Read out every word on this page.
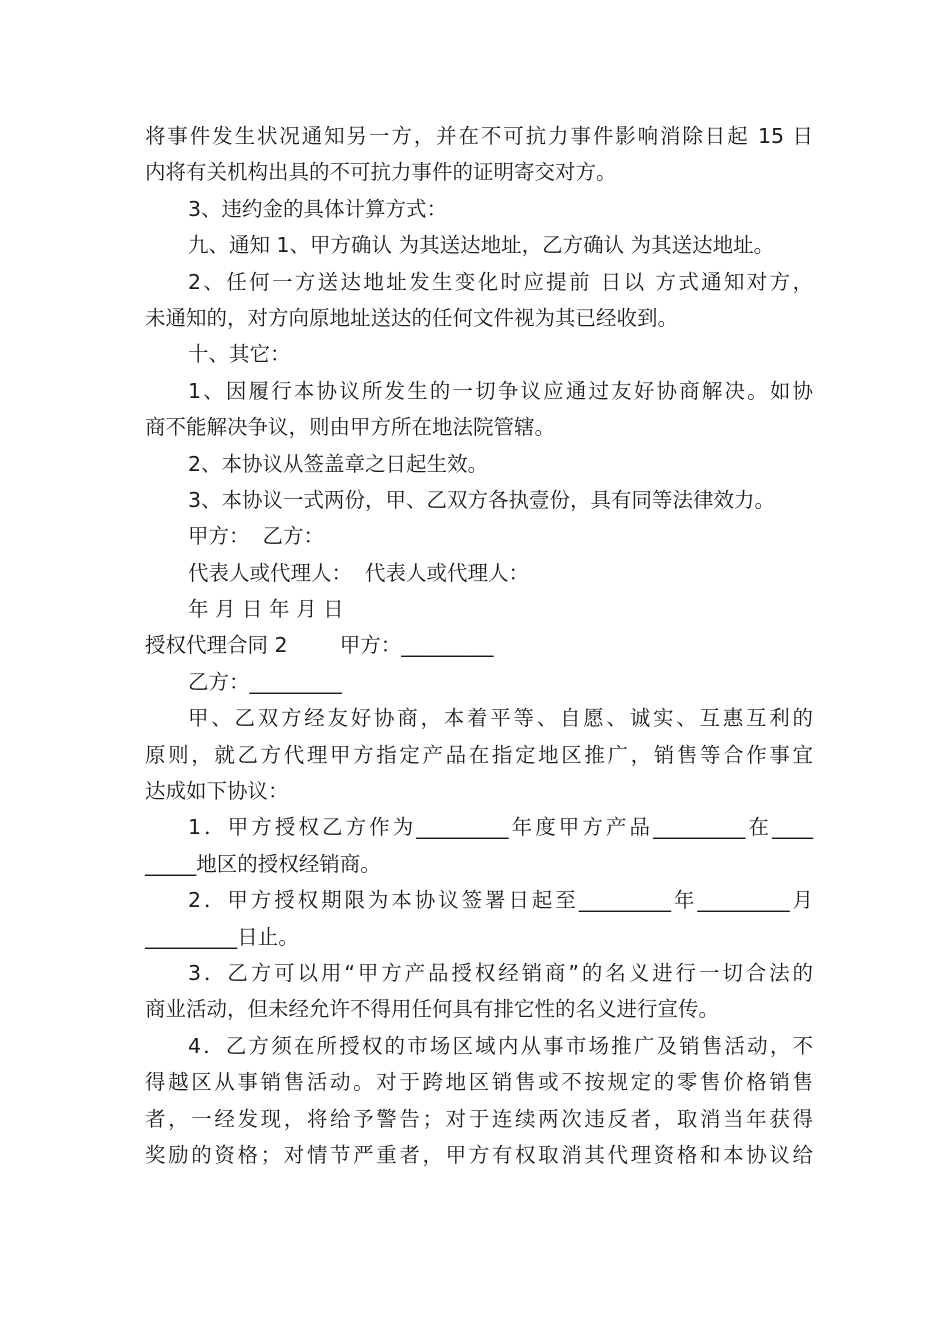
将事件发生状况通知另一方，并在不可抗力事件影响消除日起 15 日
内将有关机构出具的不可抗力事件的证明寄交对方。
3、违约金的具体计算方式：
九、通知 1、甲方确认 为其送达地址，乙方确认 为其送达地址。
2、任何一方送达地址发生变化时应提前 日以 方式通知对方，
未通知的，对方向原地址送达的任何文件视为其已经收到。
十、其它：
1、因履行本协议所发生的一切争议应通过友好协商解决。如协
商不能解决争议，则由甲方所在地法院管辖。
2、本协议从签盖章之日起生效。
3、本协议一式两份，甲、乙双方各执壹份，具有同等法律效力。
甲方：  乙方：
代表人或代理人：  代表人或代理人：
年 月 日 年 月 日
授权代理合同 2        甲方：_________
乙方：_________
甲、乙双方经友好协商，本着平等、自愿、诚实、互惠互利的
原则，就乙方代理甲方指定产品在指定地区推广，销售等合作事宜
达成如下协议：
1．甲方授权乙方作为_________年度甲方产品_________在____
_____地区的授权经销商。
2．甲方授权期限为本协议签署日起至_________年_________月
_________日止。
3．乙方可以用“甲方产品授权经销商”的名义进行一切合法的
商业活动，但未经允许不得用任何具有排它性的名义进行宣传。
4．乙方须在所授权的市场区域内从事市场推广及销售活动，不
得越区从事销售活动。对于跨地区销售或不按规定的零售价格销售
者，一经发现，将给予警告；对于连续两次违反者，取消当年获得
奖励的资格；对情节严重者，甲方有权取消其代理资格和本协议给
